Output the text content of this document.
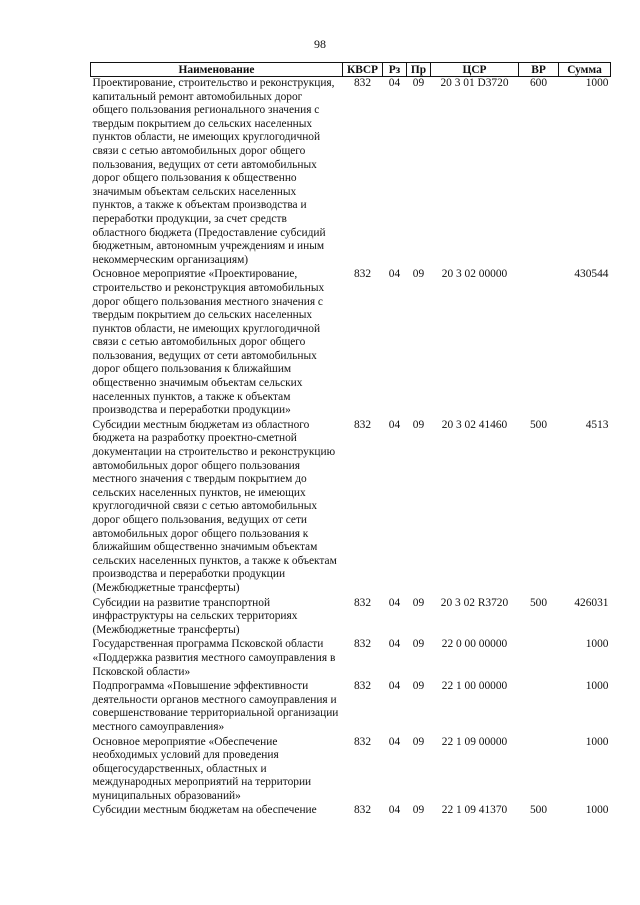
98
Наименование	КВСР	Рз	Пр	ЦСР	ВР	Сумма
Проектирование, строительство и реконструкция, капитальный ремонт автомобильных дорог общего пользования регионального значения с твердым покрытием до сельских населенных пунктов области, не имеющих круглогодичной связи с сетью автомобильных дорог общего пользования, ведущих от сети автомобильных дорог общего пользования к общественно значимым объектам сельских населенных пунктов, а также к объектам производства и переработки продукции, за счет средств областного бюджета (Предоставление субсидий бюджетным, автономным учреждениям и иным некоммерческим организациям)	832	04	09	20 3 01 D3720	600	1000
Основное мероприятие «Проектирование, строительство и реконструкция автомобильных дорог общего пользования местного значения с твердым покрытием до сельских населенных пунктов области, не имеющих круглогодичной связи с сетью автомобильных дорог общего пользования, ведущих от сети автомобильных дорог общего пользования к ближайшим общественно значимым объектам сельских населенных пунктов, а также к объектам производства и переработки продукции»	832	04	09	20 3 02 00000		430544
Субсидии местным бюджетам из областного бюджета на разработку проектно-сметной документации на строительство и реконструкцию автомобильных дорог общего пользования местного значения с твердым покрытием до сельских населенных пунктов, не имеющих круглогодичной связи с сетью автомобильных дорог общего пользования, ведущих от сети автомобильных дорог общего пользования к ближайшим общественно значимым объектам сельских населенных пунктов, а также к объектам производства и переработки продукции (Межбюджетные трансферты)	832	04	09	20 3 02 41460	500	4513
Субсидии на развитие транспортной инфраструктуры на сельских территориях (Межбюджетные трансферты)	832	04	09	20 3 02 R3720	500	426031
Государственная программа Псковской области «Поддержка развития местного самоуправления в Псковской области»	832	04	09	22 0 00 00000		1000
Подпрограмма «Повышение эффективности деятельности органов местного самоуправления и совершенствование территориальной организации местного самоуправления»	832	04	09	22 1 00 00000		1000
Основное мероприятие «Обеспечение необходимых условий для проведения общегосударственных, областных и международных мероприятий на территории муниципальных образований»	832	04	09	22 1 09 00000		1000
Субсидии местным бюджетам на обеспечение	832	04	09	22 1 09 41370	500	1000
